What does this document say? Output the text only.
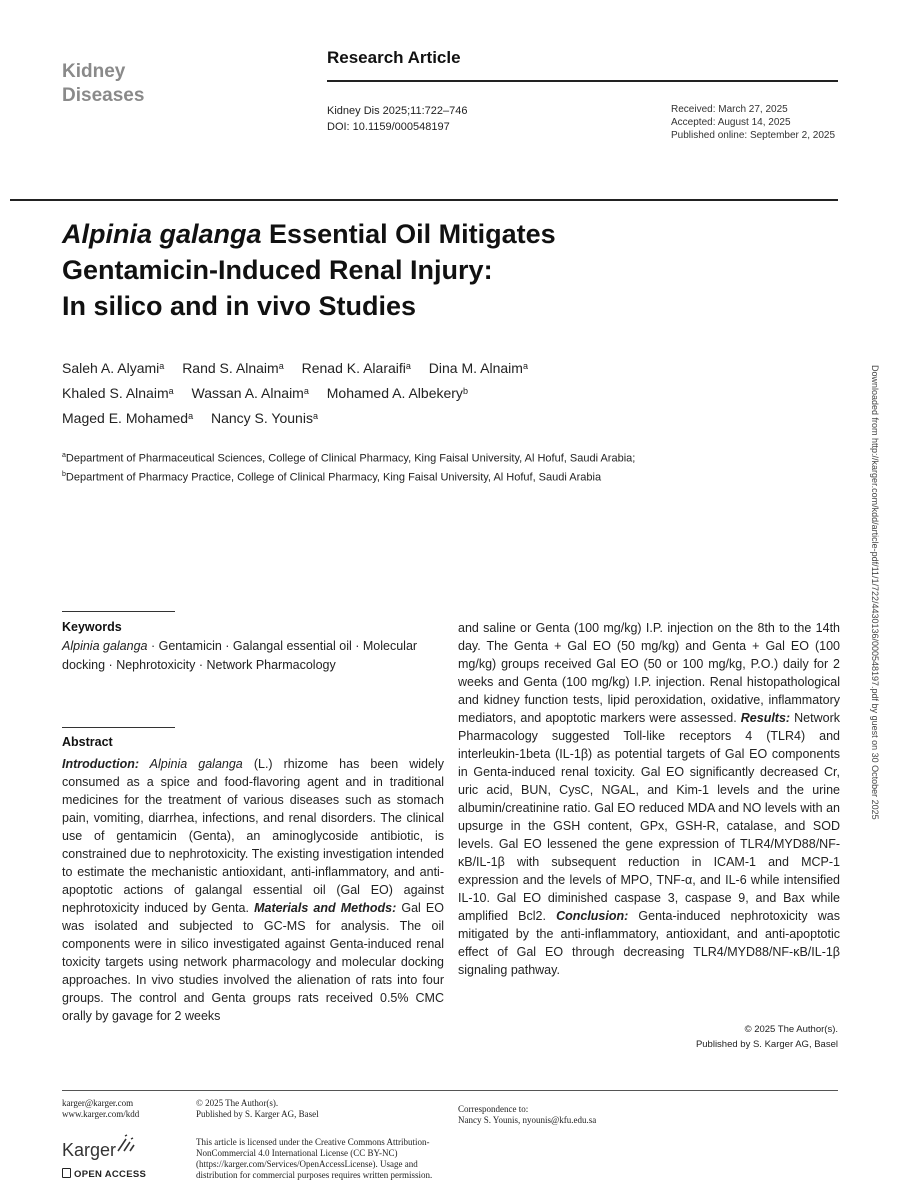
Kidney
Diseases
Research Article
Kidney Dis 2025;11:722–746
DOI: 10.1159/000548197
Received: March 27, 2025
Accepted: August 14, 2025
Published online: September 2, 2025
Alpinia galanga Essential Oil Mitigates
Gentamicin-Induced Renal Injury:
In silico and in vivo Studies
Saleh A. Alyami$^a$ Rand S. Alnaim$^a$ Renad K. Alaraifi$^a$ Dina M. Alnaim$^a$
Khaled S. Alnaim$^a$ Wassan A. Alnaim$^a$ Mohamed A. Albekery$^b$
Maged E. Mohamed$^a$ Nancy S. Younis$^a$
$^a$Department of Pharmaceutical Sciences, College of Clinical Pharmacy, King Faisal University, Al Hofuf, Saudi Arabia; $^b$Department of Pharmacy Practice, College of Clinical Pharmacy, King Faisal University, Al Hofuf, Saudi Arabia
Keywords
Alpinia galanga · Gentamicin · Galangal essential oil · Molecular docking · Nephrotoxicity · Network Pharmacology
Abstract
Introduction: Alpinia galanga (L.) rhizome has been widely consumed as a spice and food-flavoring agent and in traditional medicines for the treatment of various diseases such as stomach pain, vomiting, diarrhea, infections, and renal disorders. The clinical use of gentamicin (Genta), an aminoglycoside antibiotic, is constrained due to nephrotoxicity. The existing investigation intended to estimate the mechanistic antioxidant, anti-inflammatory, and anti-apoptotic actions of galangal essential oil (Gal EO) against nephrotoxicity induced by Genta. Materials and Methods: Gal EO was isolated and subjected to GC-MS for analysis. The oil components were in silico investigated against Genta-induced renal toxicity targets using network pharmacology and molecular docking approaches. In vivo studies involved the alienation of rats into four groups. The control and Genta groups rats received 0.5% CMC orally by gavage for 2 weeks
and saline or Genta (100 mg/kg) I.P. injection on the 8th to the 14th day. The Genta + Gal EO (50 mg/kg) and Genta + Gal EO (100 mg/kg) groups received Gal EO (50 or 100 mg/kg, P.O.) daily for 2 weeks and Genta (100 mg/kg) I.P. injection. Renal histopathological and kidney function tests, lipid peroxidation, oxidative, inflammatory mediators, and apoptotic markers were assessed. Results: Network Pharmacology suggested Toll-like receptors 4 (TLR4) and interleukin-1beta (IL-1β) as potential targets of Gal EO components in Genta-induced renal toxicity. Gal EO significantly decreased Cr, uric acid, BUN, CysC, NGAL, and Kim-1 levels and the urine albumin/creatinine ratio. Gal EO reduced MDA and NO levels with an upsurge in the GSH content, GPx, GSH-R, catalase, and SOD levels. Gal EO lessened the gene expression of TLR4/MYD88/NF-κB/IL-1β with subsequent reduction in ICAM-1 and MCP-1 expression and the levels of MPO, TNF-α, and IL-6 while intensified IL-10. Gal EO diminished caspase 3, caspase 9, and Bax while amplified Bcl2. Conclusion: Genta-induced nephrotoxicity was mitigated by the anti-inflammatory, antioxidant, and anti-apoptotic effect of Gal EO through decreasing TLR4/MYD88/NF-κB/IL-1β signaling pathway.
© 2025 The Author(s).
Published by S. Karger AG, Basel
Downloaded from http://karger.com/kdd/article-pdf/11/1/722/4430136/000548197.pdf by guest on 30 October 2025
karger@karger.com
www.karger.com/kdd
Karger
OPEN ACCESS
© 2025 The Author(s).
Published by S. Karger AG, Basel
This article is licensed under the Creative Commons Attribution-NonCommercial 4.0 International License (CC BY-NC) (https://karger.com/Services/OpenAccessLicense). Usage and distribution for commercial purposes requires written permission.
Correspondence to:
Nancy S. Younis, nyounis@kfu.edu.sa
